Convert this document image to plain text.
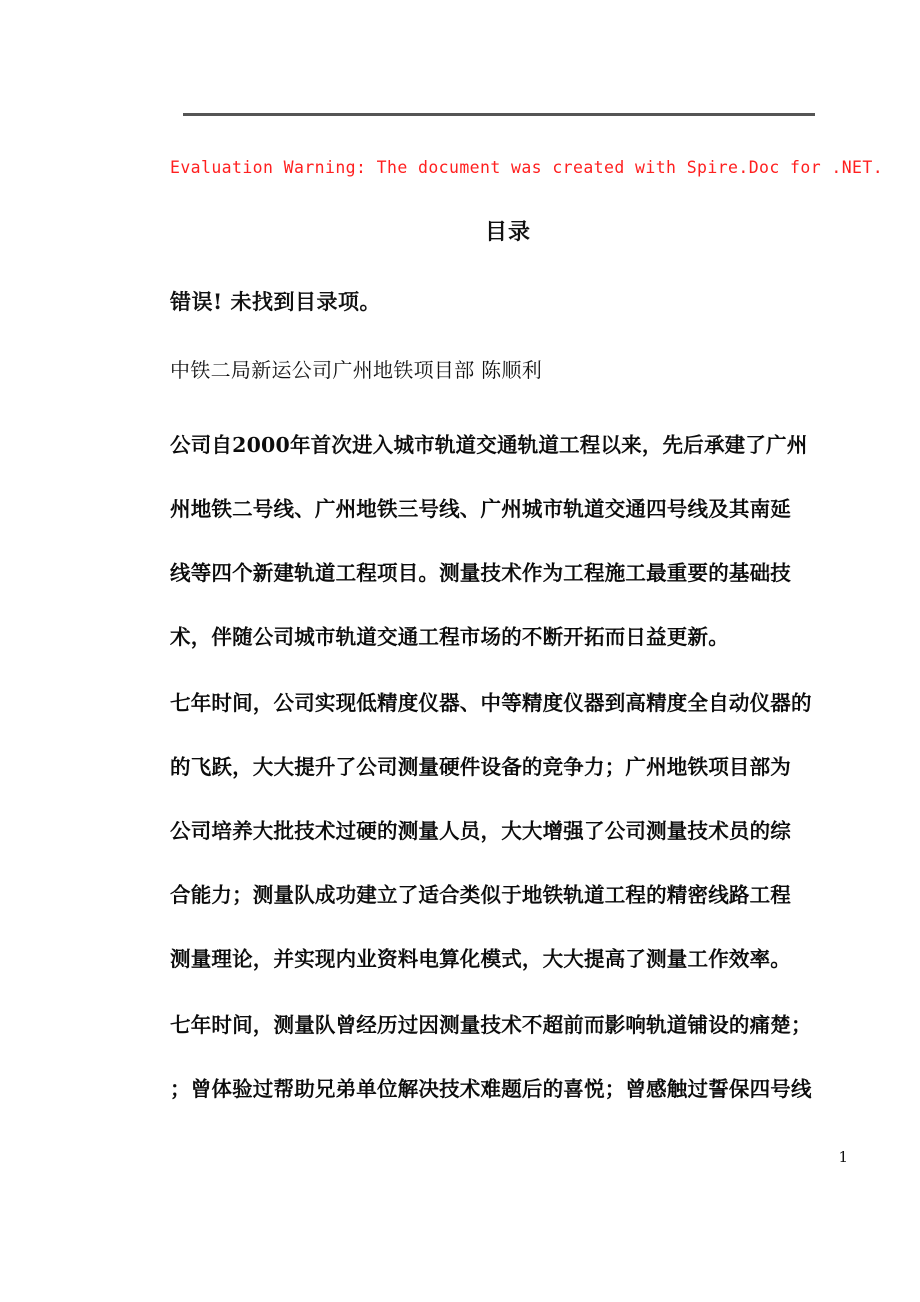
Evaluation Warning: The document was created with Spire.Doc for .NET.

目录

错误! 未找到目录项。

中铁二局新运公司广州地铁项目部 陈顺利

公司自2000年首次进入城市轨道交通轨道工程以来，先后承建了广州
州地铁二号线、广州地铁三号线、广州城市轨道交通四号线及其南延
线等四个新建轨道工程项目。测量技术作为工程施工最重要的基础技
术，伴随公司城市轨道交通工程市场的不断开拓而日益更新。
七年时间，公司实现低精度仪器、中等精度仪器到高精度全自动仪器的
的飞跃，大大提升了公司测量硬件设备的竞争力；广州地铁项目部为
公司培养大批技术过硬的测量人员，大大增强了公司测量技术员的综
合能力；测量队成功建立了适合类似于地铁轨道工程的精密线路工程
测量理论，并实现内业资料电算化模式，大大提高了测量工作效率。
七年时间，测量队曾经历过因测量技术不超前而影响轨道铺设的痛楚；
；曾体验过帮助兄弟单位解决技术难题后的喜悦；曾感触过誓保四号线
1
